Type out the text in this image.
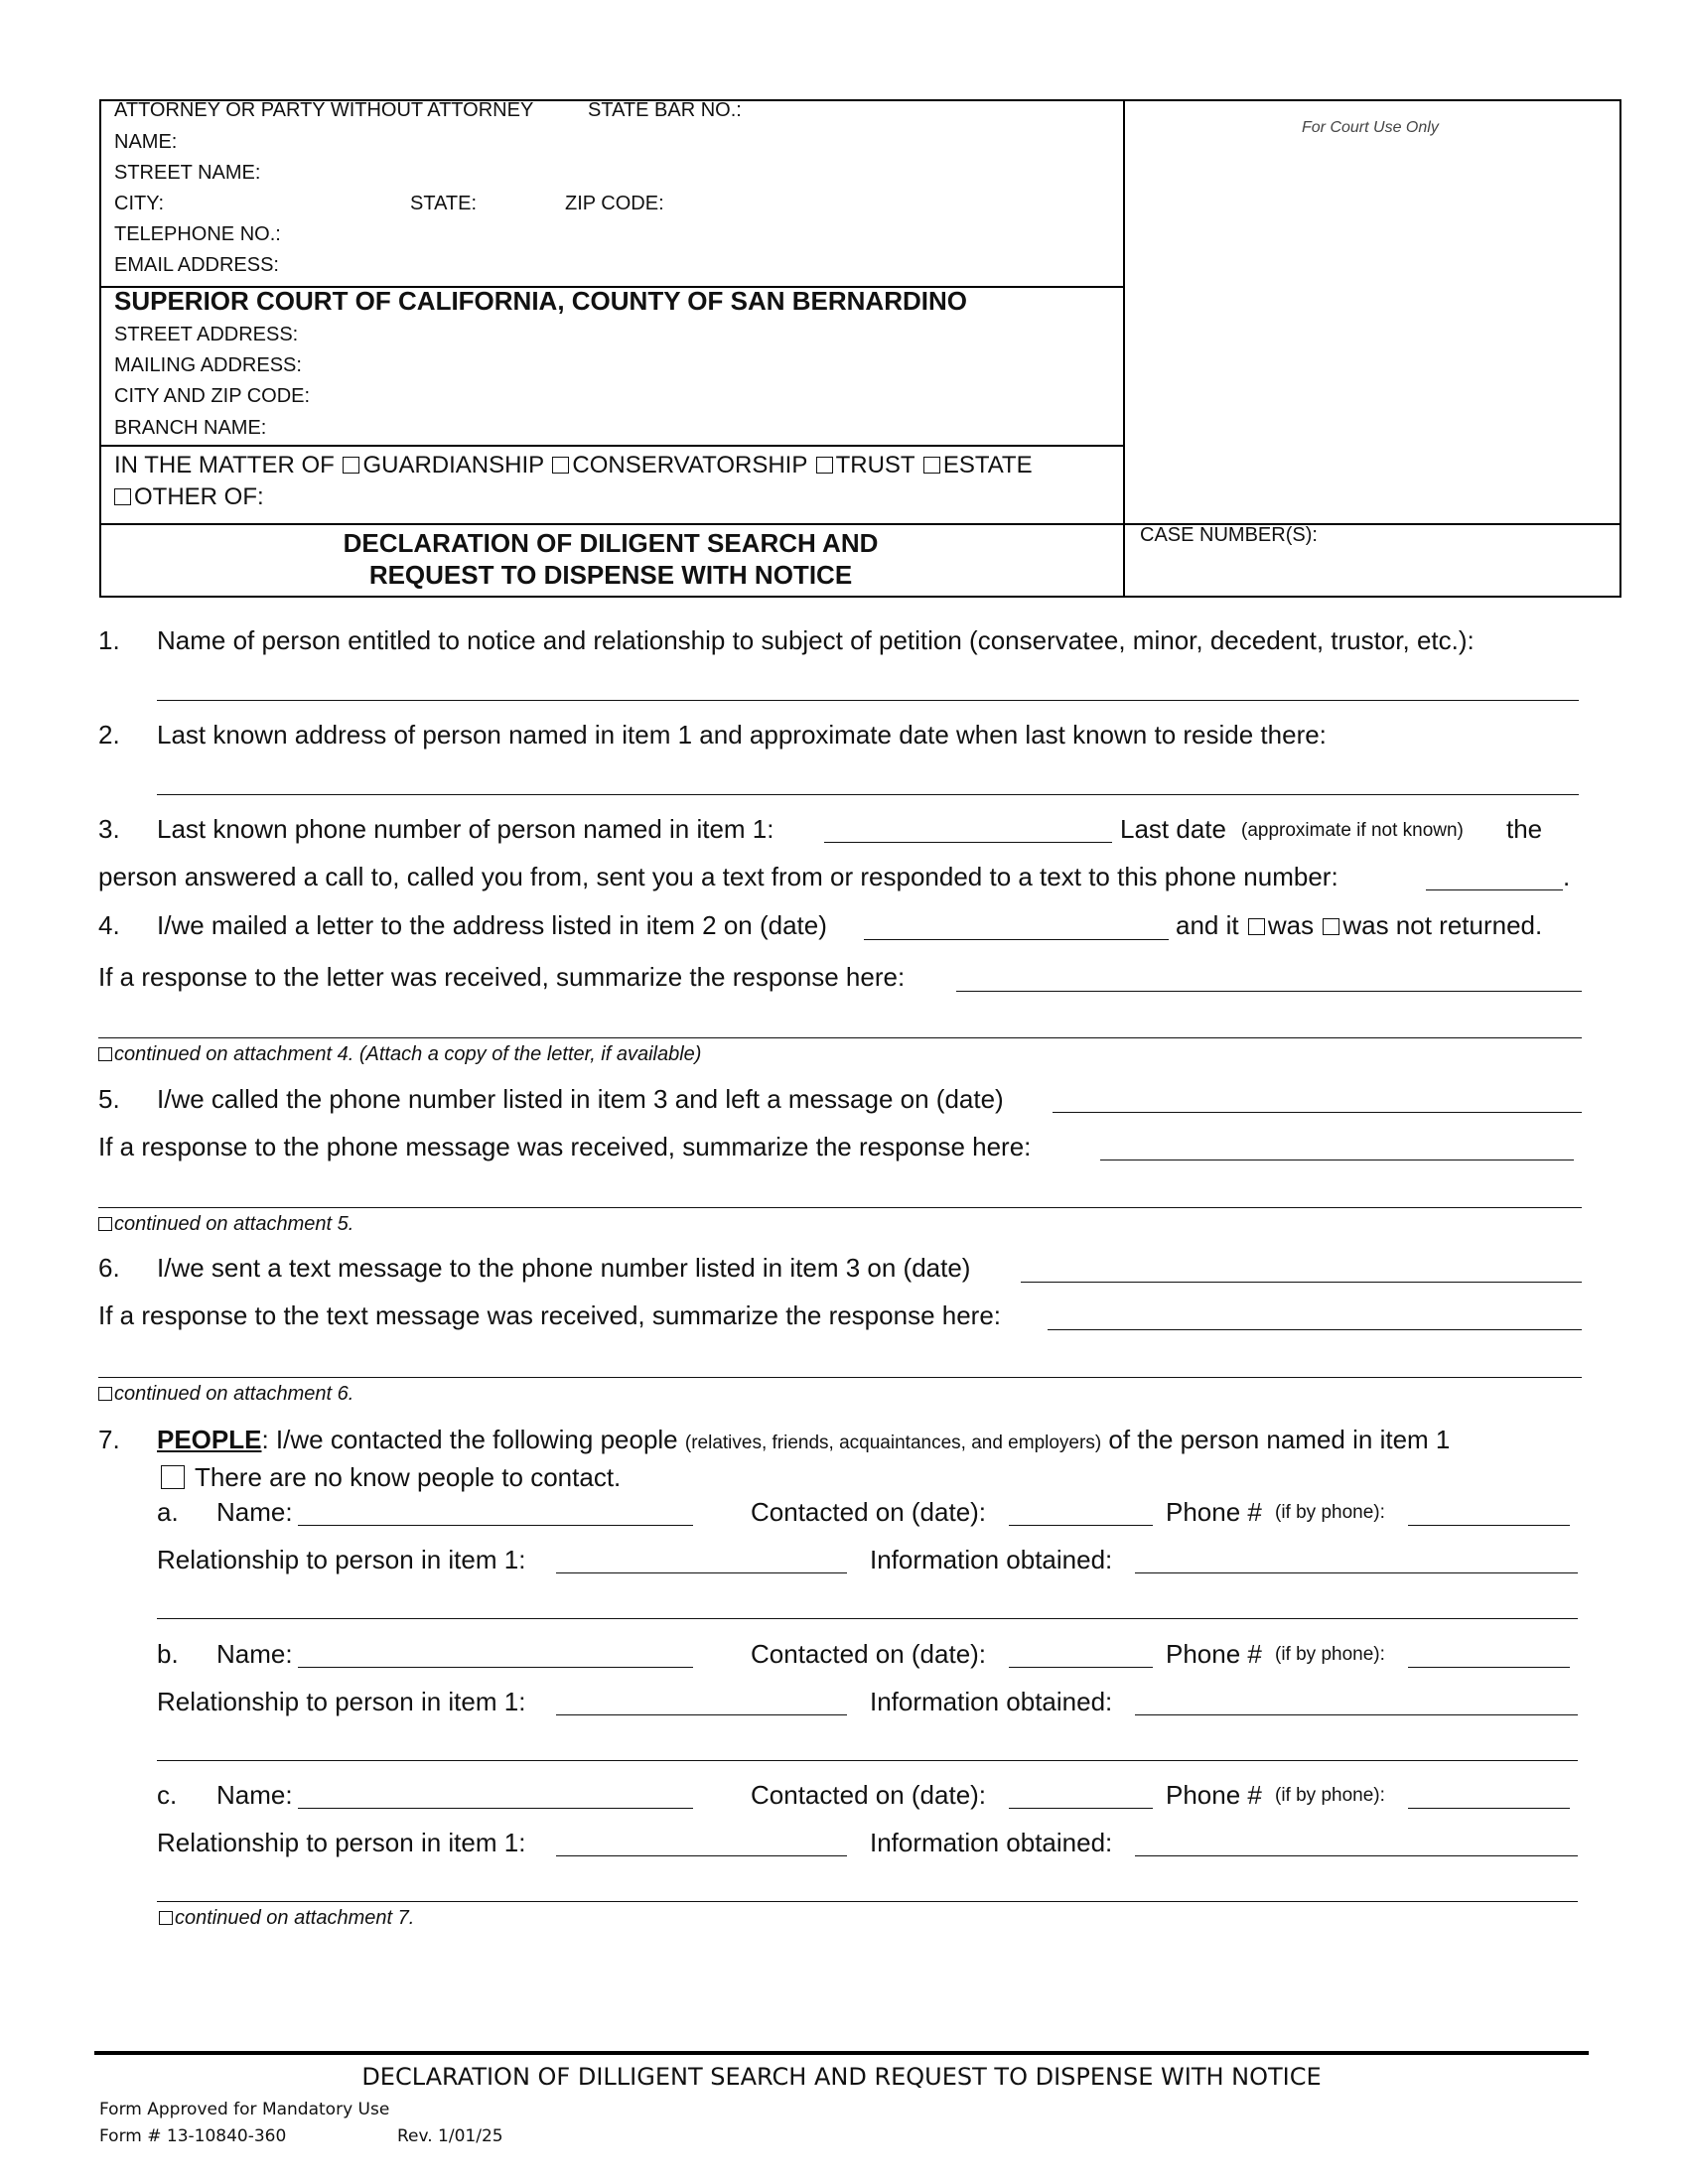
ATTORNEY OR PARTY WITHOUT ATTORNEY	STATE BAR NO.:
NAME:
STREET NAME:
CITY:	STATE:	ZIP CODE:
TELEPHONE NO.:
EMAIL ADDRESS:
For Court Use Only
SUPERIOR COURT OF CALIFORNIA, COUNTY OF SAN BERNARDINO
STREET ADDRESS:
MAILING ADDRESS:
CITY AND ZIP CODE:
BRANCH NAME:
IN THE MATTER OF GUARDIANSHIP CONSERVATORSHIP TRUST ESTATE
OTHER OF:
DECLARATION OF DILIGENT SEARCH AND
REQUEST TO DISPENSE WITH NOTICE
CASE NUMBER(S):
1. Name of person entitled to notice and relationship to subject of petition (conservatee, minor, decedent, trustor, etc.):
2. Last known address of person named in item 1 and approximate date when last known to reside there:
3. Last known phone number of person named in item 1:	Last date (approximate if not known) the
person answered a call to, called you from, sent you a text from or responded to a text to this phone number:	.
4. I/we mailed a letter to the address listed in item 2 on (date)	and it was was not returned.
If a response to the letter was received, summarize the response here:
continued on attachment 4. (Attach a copy of the letter, if available)
5. I/we called the phone number listed in item 3 and left a message on (date)
If a response to the phone message was received, summarize the response here:
continued on attachment 5.
6. I/we sent a text message to the phone number listed in item 3 on (date)
If a response to the text message was received, summarize the response here:
continued on attachment 6.
7. PEOPLE: I/we contacted the following people (relatives, friends, acquaintances, and employers) of the person named in item 1
There are no know people to contact.
a. Name:	Contacted on (date):	Phone # (if by phone):
Relationship to person in item 1:	Information obtained:
b. Name:	Contacted on (date):	Phone # (if by phone):
Relationship to person in item 1:	Information obtained:
c. Name:	Contacted on (date):	Phone # (if by phone):
Relationship to person in item 1:	Information obtained:
continued on attachment 7.
DECLARATION OF DILLIGENT SEARCH AND REQUEST TO DISPENSE WITH NOTICE
Form Approved for Mandatory Use
Form # 13-10840-360	Rev. 1/01/25
